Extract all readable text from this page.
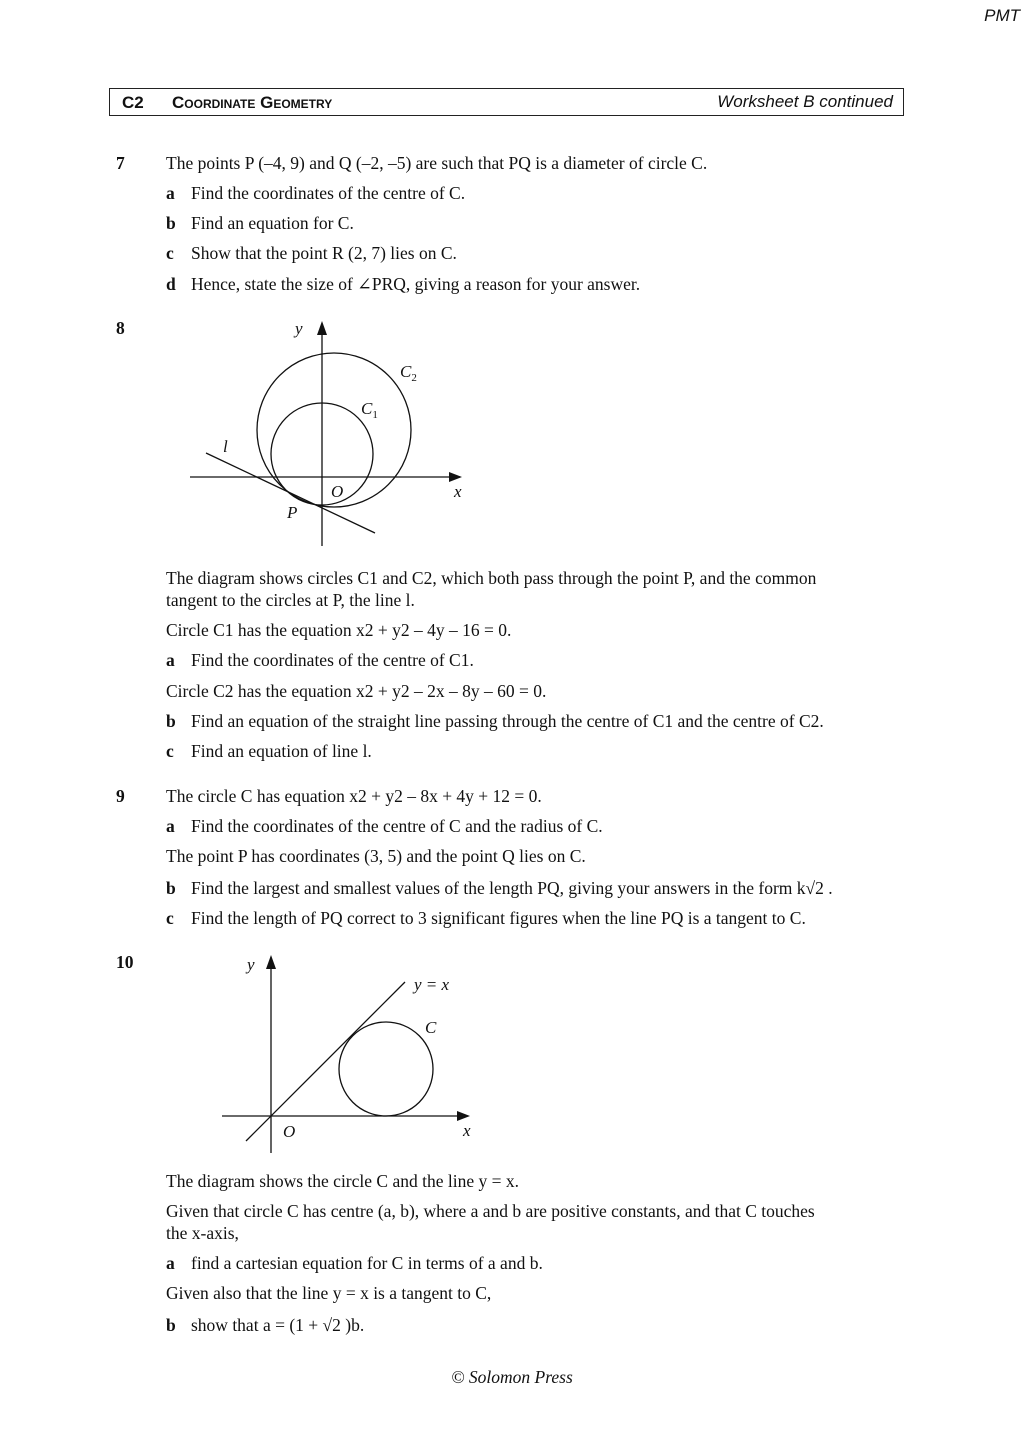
PMT
C2 Coordinate Geometry	Worksheet B continued
7 The points P (–4, 9) and Q (–2, –5) are such that PQ is a diameter of circle C.
a Find the coordinates of the centre of C.
b Find an equation for C.
c Show that the point R (2, 7) lies on C.
d Hence, state the size of ∠PRQ, giving a reason for your answer.
8	y
x
O
P
l
$C_2$
$C_1$
y
x
O
y = x
C
The diagram shows circles C1 and C2, which both pass through the point P, and the common
tangent to the circles at P, the line l.
Circle C1 has the equation x2 + y2 – 4y – 16 = 0.
a Find the coordinates of the centre of C1.
Circle C2 has the equation x2 + y2 – 2x – 8y – 60 = 0.
b Find an equation of the straight line passing through the centre of C1 and the centre of C2.
c Find an equation of line l.
9 The circle C has equation x2 + y2 – 8x + 4y + 12 = 0.
a Find the coordinates of the centre of C and the radius of C.
The point P has coordinates (3, 5) and the point Q lies on C.
b Find the largest and smallest values of the length PQ, giving your answers in the form k√2 .
c Find the length of PQ correct to 3 significant figures when the line PQ is a tangent to C.
10
The diagram shows the circle C and the line y = x.
Given that circle C has centre (a, b), where a and b are positive constants, and that C touches
the x-axis,
a find a cartesian equation for C in terms of a and b.
Given also that the line y = x is a tangent to C,
b show that a = (1 + √2 )b.
© Solomon Press
